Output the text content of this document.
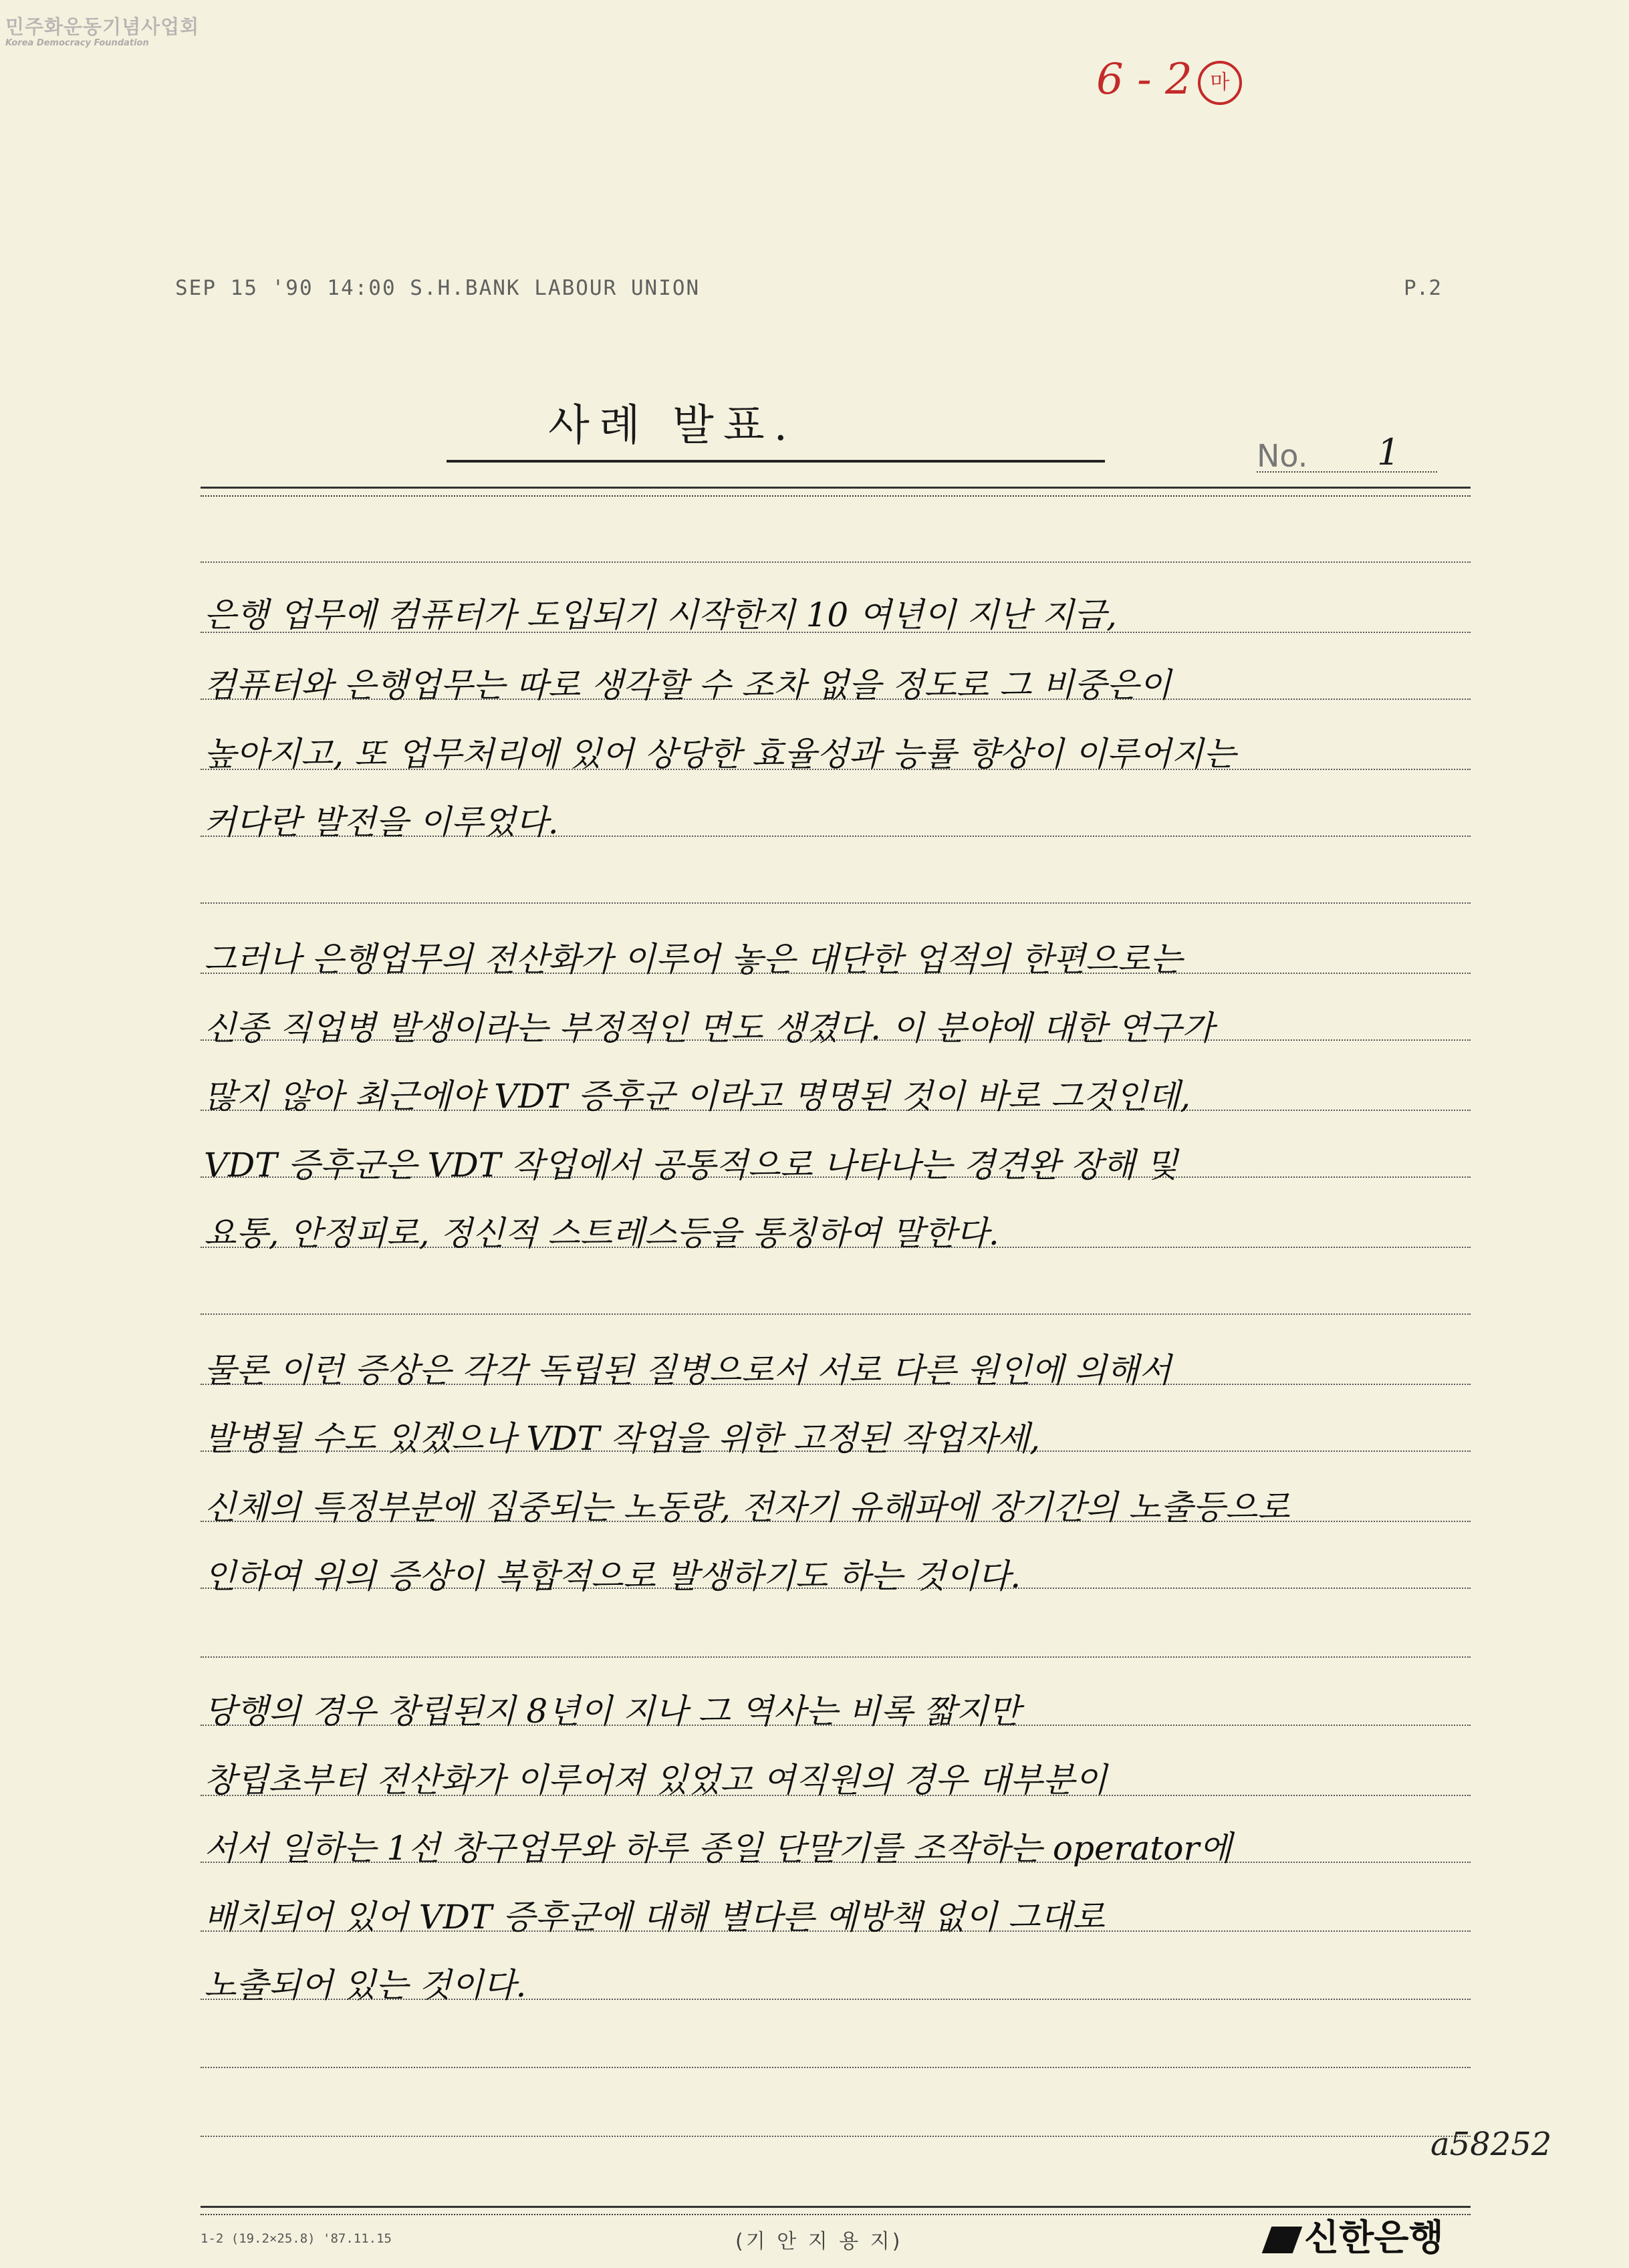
민주화운동기념사업회
Korea Democracy Foundation
6 - 2 마
SEP 15 '90 14:00 S.H.BANK LABOUR UNION	P.2
사례 발표.
No. 1
은행 업무에 컴퓨터가 도입되기 시작한지 10 여년이 지난 지금,
컴퓨터와 은행업무는 따로 생각할 수 조차 없을 정도로 그 비중은이
높아지고, 또 업무처리에 있어 상당한 효율성과 능률 향상이 이루어지는
커다란 발전을 이루었다.
그러나 은행업무의 전산화가 이루어 놓은 대단한 업적의 한편으로는
신종 직업병 발생이라는 부정적인 면도 생겼다. 이 분야에 대한 연구가
많지 않아 최근에야 VDT 증후군 이라고 명명된 것이 바로 그것인데,
VDT 증후군은 VDT 작업에서 공통적으로 나타나는 경견완 장해 및
요통, 안정피로, 정신적 스트레스등을 통칭하여 말한다.
물론 이런 증상은 각각 독립된 질병으로서 서로 다른 원인에 의해서
발병될 수도 있겠으나 VDT 작업을 위한 고정된 작업자세,
신체의 특정부분에 집중되는 노동량, 전자기 유해파에 장기간의 노출등으로
인하여 위의 증상이 복합적으로 발생하기도 하는 것이다.
당행의 경우 창립된지 8년이 지나 그 역사는 비록 짧지만
창립초부터 전산화가 이루어져 있었고 여직원의 경우 대부분이
서서 일하는 1선 창구업무와 하루 종일 단말기를 조작하는 operator에
배치되어 있어 VDT 증후군에 대해 별다른 예방책 없이 그대로
노출되어 있는 것이다.
a58252
1-2 (19.2×25.8) '87.11.15	(기 안 지 용 지)	신한은행
